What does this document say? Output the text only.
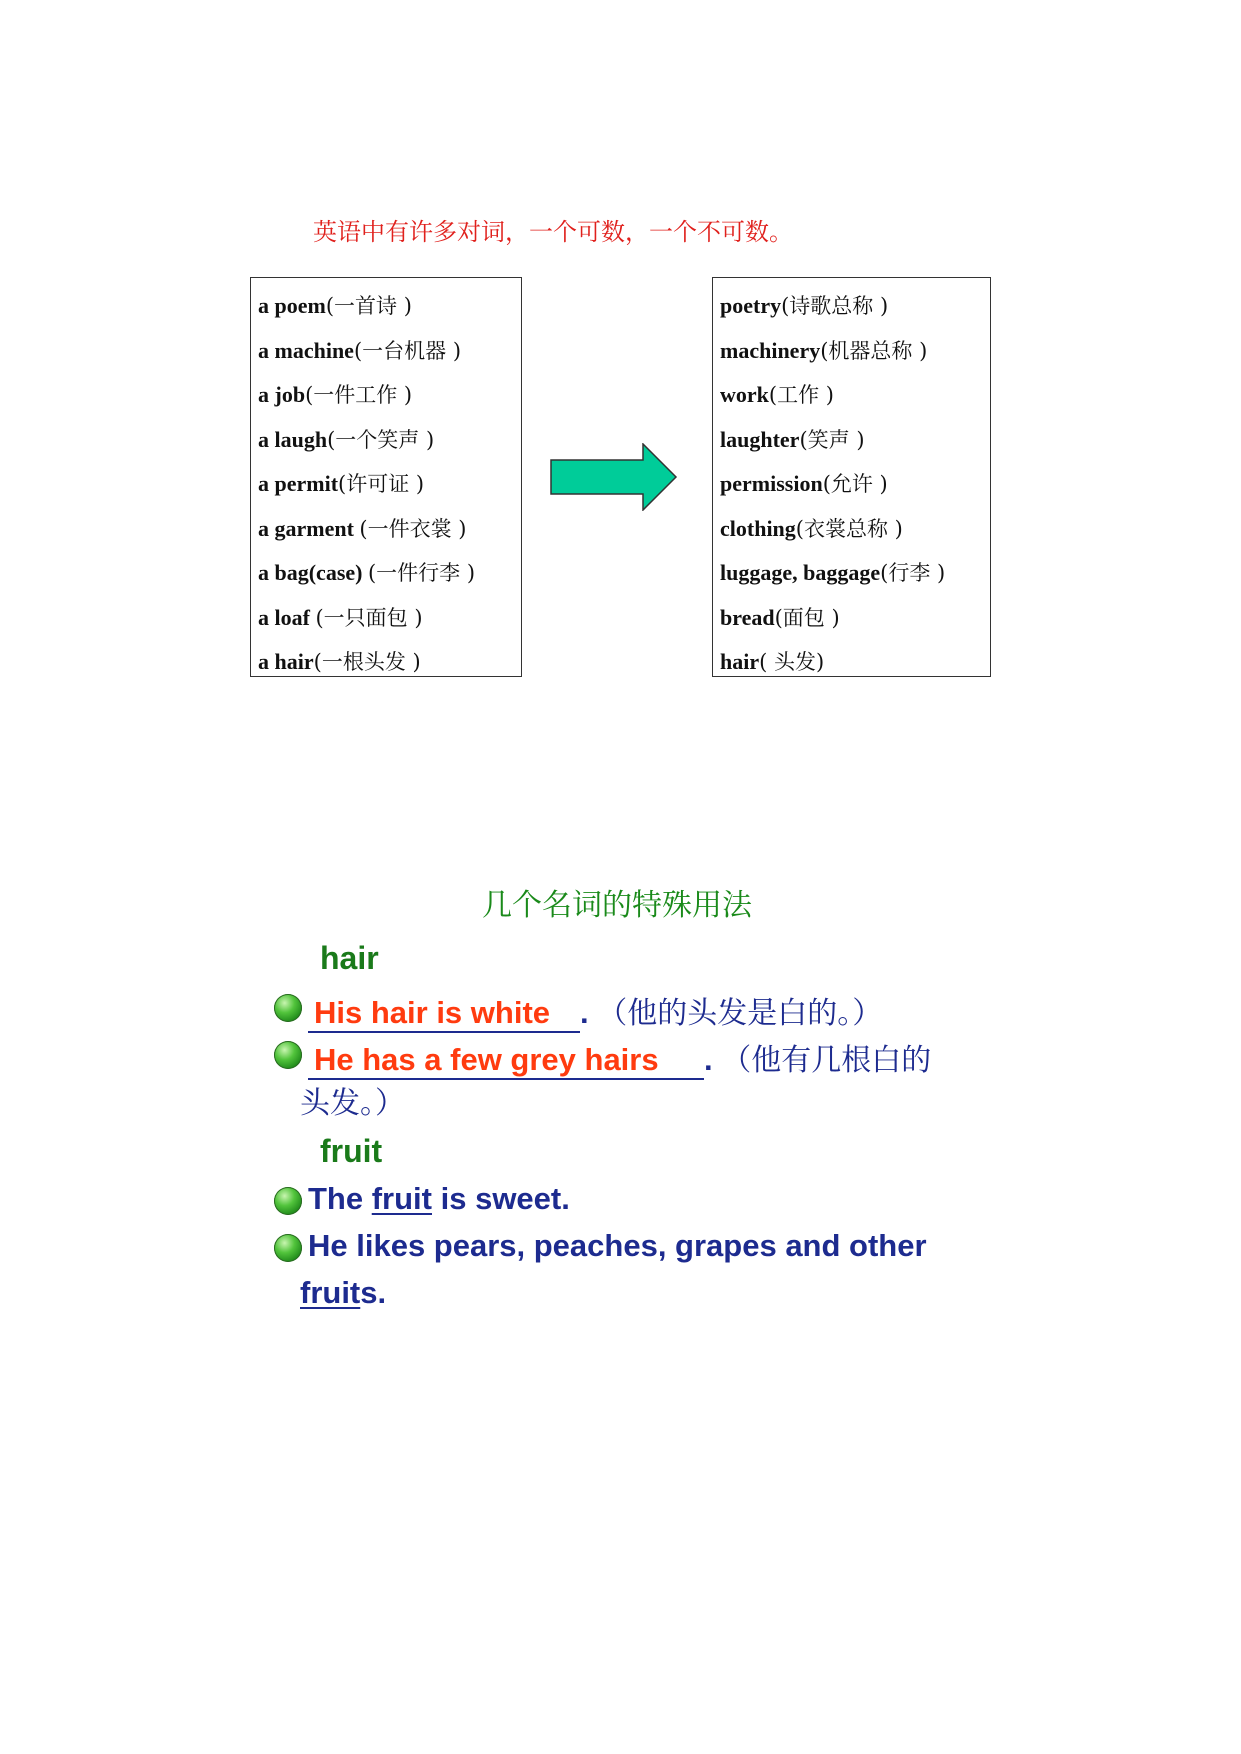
英语中有许多对词，一个可数，一个不可数。
a poem(一首诗 )
a machine(一台机器 )
a job(一件工作 )
a laugh(一个笑声 )
a permit(许可证 )
a garment (一件衣裳 )
a bag(case) (一件行李 )
a loaf (一只面包 )
a hair(一根头发 )
poetry(诗歌总称 )
machinery(机器总称 )
work(工作 )
laughter(笑声 )
permission(允许 )
clothing(衣裳总称 )
luggage, baggage(行李 )
bread(面包 )
hair( 头发)
几个名词的特殊用法
hair
His hair is white . （他的头发是白的。）
He has a few grey hairs . （他有几根白的
头发。）
fruit
The fruit is sweet.
He likes pears, peaches, grapes and other
fruits.
